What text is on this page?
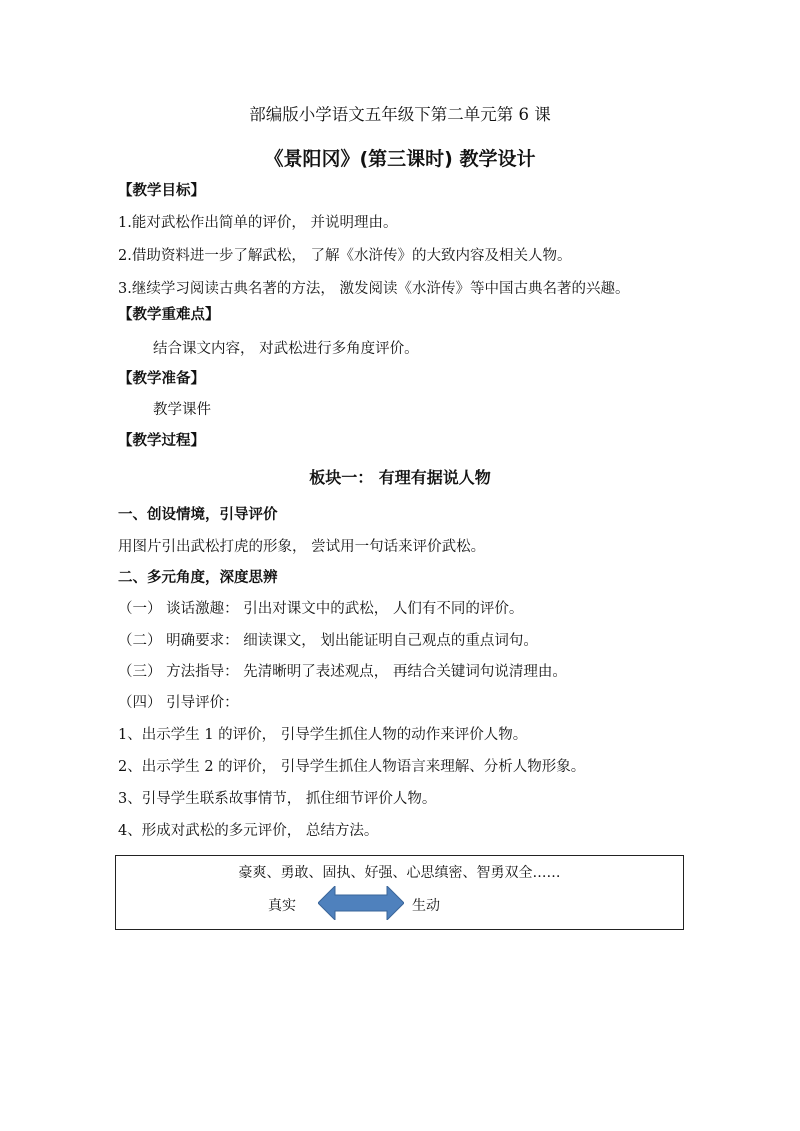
部编版小学语文五年级下第二单元第 6 课
《景阳冈》(第三课时) 教学设计
【教学目标】
1.能对武松作出简单的评价， 并说明理由。
2.借助资料进一步了解武松， 了解《水浒传》的大致内容及相关人物。
3.继续学习阅读古典名著的方法， 激发阅读《水浒传》等中国古典名著的兴趣。
【教学重难点】
结合课文内容， 对武松进行多角度评价。
【教学准备】
教学课件
【教学过程】
板块一： 有理有据说人物
一、创设情境，引导评价
用图片引出武松打虎的形象， 尝试用一句话来评价武松。
二、多元角度，深度思辨
（一） 谈话激趣： 引出对课文中的武松， 人们有不同的评价。
（二） 明确要求： 细读课文， 划出能证明自己观点的重点词句。
（三） 方法指导： 先清晰明了表述观点， 再结合关键词句说清理由。
（四） 引导评价：
1、出示学生 1 的评价， 引导学生抓住人物的动作来评价人物。
2、出示学生 2 的评价， 引导学生抓住人物语言来理解、分析人物形象。
3、引导学生联系故事情节， 抓住细节评价人物。
4、形成对武松的多元评价， 总结方法。
豪爽、勇敢、固执、好强、心思缜密、智勇双全……
真实	生动
